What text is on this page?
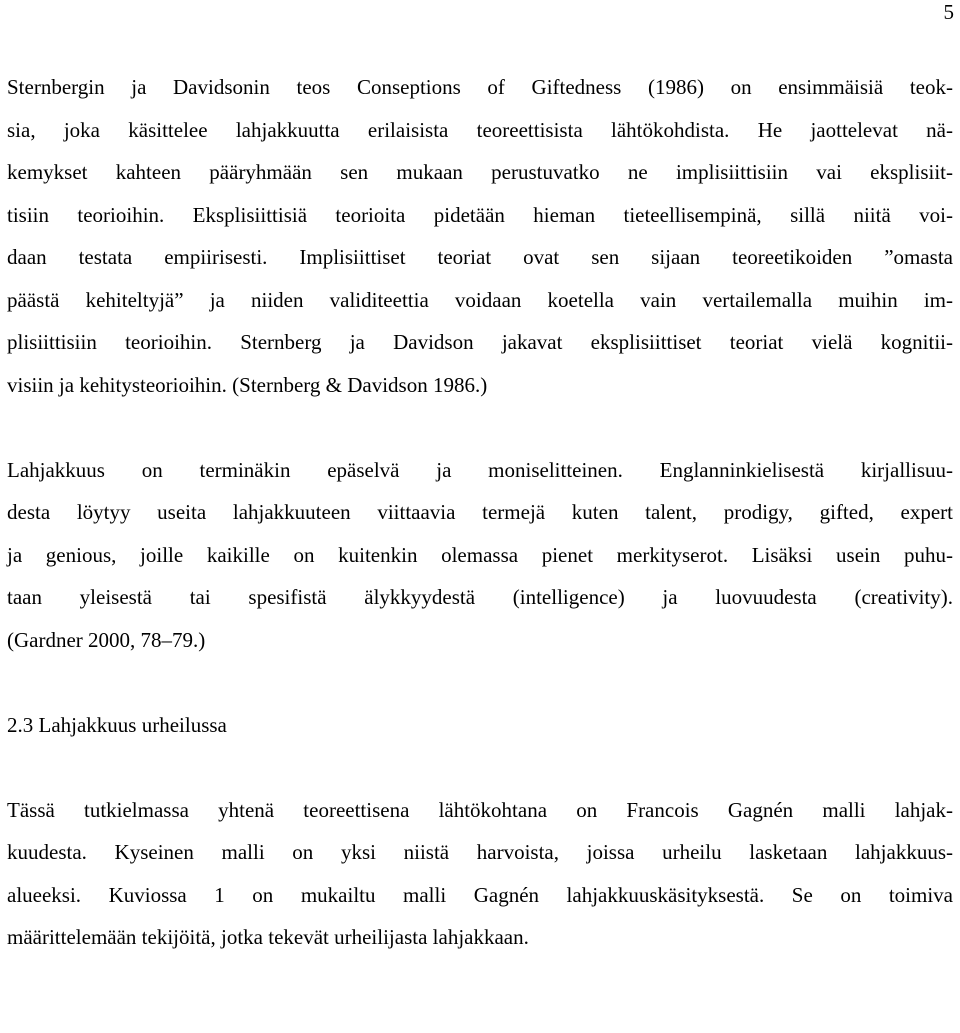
5
Sternbergin ja Davidsonin teos Conseptions of Giftedness (1986) on ensimmäisiä teok-
sia, joka käsittelee lahjakkuutta erilaisista teoreettisista lähtökohdista. He jaottelevat nä-
kemykset kahteen pääryhmään sen mukaan perustuvatko ne implisiittisiin vai eksplisiit-
tisiin teorioihin. Eksplisiittisiä teorioita pidetään hieman tieteellisempinä, sillä niitä voi-
daan testata empiirisesti. Implisiittiset teoriat ovat sen sijaan teoreetikoiden ”omasta
päästä kehiteltyjä” ja niiden validiteettia voidaan koetella vain vertailemalla muihin im-
plisiittisiin teorioihin. Sternberg ja Davidson jakavat eksplisiittiset teoriat vielä kognitii-
visiin ja kehitysteorioihin. (Sternberg & Davidson 1986.)
Lahjakkuus on terminäkin epäselvä ja moniselitteinen. Englanninkielisestä kirjallisuu-
desta löytyy useita lahjakkuuteen viittaavia termejä kuten talent, prodigy, gifted, expert
ja genious, joille kaikille on kuitenkin olemassa pienet merkityserot. Lisäksi usein puhu-
taan yleisestä tai spesifistä älykkyydestä (intelligence) ja luovuudesta (creativity).
(Gardner 2000, 78–79.)
2.3 Lahjakkuus urheilussa
Tässä tutkielmassa yhtenä teoreettisena lähtökohtana on Francois Gagnén malli lahjak-
kuudesta. Kyseinen malli on yksi niistä harvoista, joissa urheilu lasketaan lahjakkuus-
alueeksi. Kuviossa 1 on mukailtu malli Gagnén lahjakkuuskäsityksestä. Se on toimiva
määrittelemään tekijöitä, jotka tekevät urheilijasta lahjakkaan.
